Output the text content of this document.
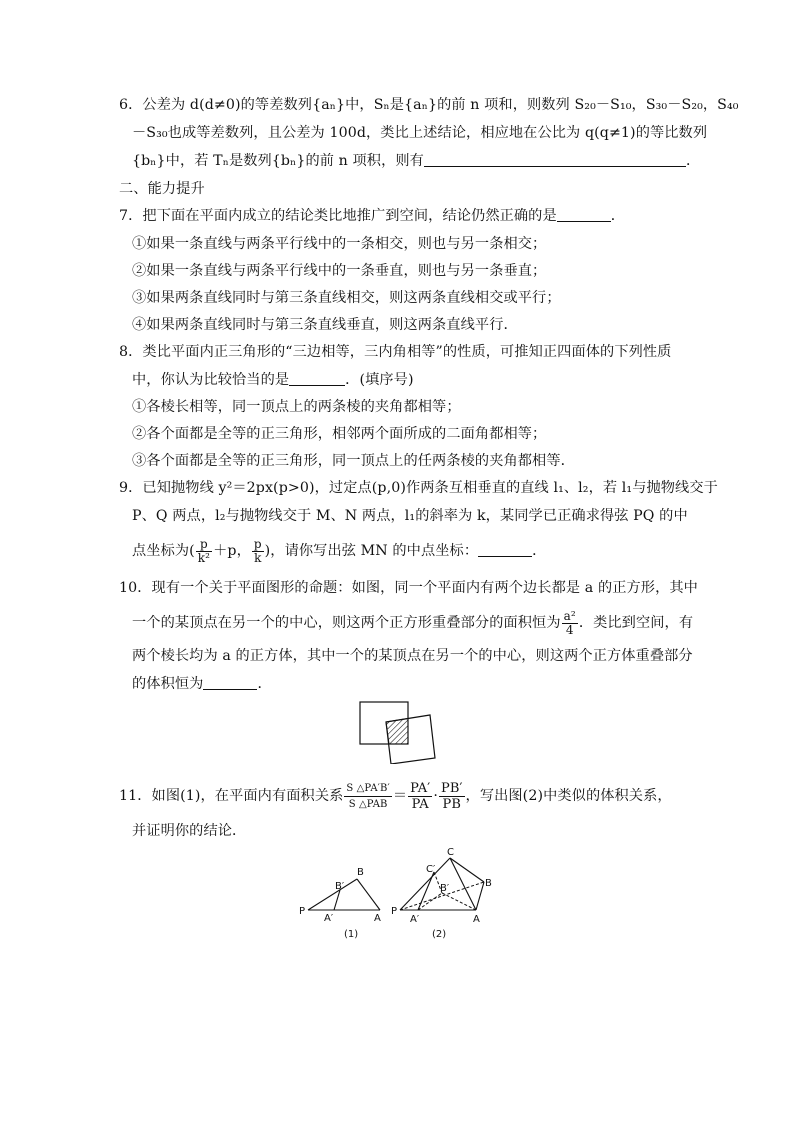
6．公差为 d(d≠0)的等差数列{aₙ}中，Sₙ是{aₙ}的前 n 项和，则数列 S₂₀－S₁₀，S₃₀－S₂₀，S₄₀
－S₃₀也成等差数列，且公差为 100d，类比上述结论，相应地在公比为 q(q≠1)的等比数列
{bₙ}中，若 Tₙ是数列{bₙ}的前 n 项积，则有	．
二、能力提升
7．把下面在平面内成立的结论类比地推广到空间，结论仍然正确的是	．
①如果一条直线与两条平行线中的一条相交，则也与另一条相交；
②如果一条直线与两条平行线中的一条垂直，则也与另一条垂直；
③如果两条直线同时与第三条直线相交，则这两条直线相交或平行；
④如果两条直线同时与第三条直线垂直，则这两条直线平行．
8．类比平面内正三角形的“三边相等，三内角相等”的性质，可推知正四面体的下列性质
中，你认为比较恰当的是	．(填序号)
①各棱长相等，同一顶点上的两条棱的夹角都相等；
②各个面都是全等的正三角形，相邻两个面所成的二面角都相等；
③各个面都是全等的正三角形，同一顶点上的任两条棱的夹角都相等．
9．已知抛物线 y²＝2px(p>0)，过定点(p,0)作两条互相垂直的直线 l₁、l₂，若 l₁与抛物线交于
P、Q 两点，l₂与抛物线交于 M、N 两点，l₁的斜率为 k，某同学已正确求得弦 PQ 的中
点坐标为( $\frac{p}{\text{k²}} +p$， $\frac{p}{k}$ )，请你写出弦 MN 的中点坐标：	．
10．现有一个关于平面图形的命题：如图，同一个平面内有两个边长都是 a 的正方形，其中
一个的某顶点在另一个的中心，则这两个正方形重叠部分的面积恒为 $\frac{\text{a²}}{4}$ ．类比到空间，有
两个棱长均为 a 的正方体，其中一个的某顶点在另一个的中心，则这两个正方体重叠部分
的体积恒为	．
11．如图(1)，在平面内有面积关系 $\frac{S \triangle PA'B'}{\text{S △PAB}} = \frac{PA'}{PA} \cdot \frac{PB'}{PB}$ ，写出图(2)中类似的体积关系，
并证明你的结论．
P
A′	A
B′
B
(1)
P
A′	A
B′	B
C′
C
(2)
